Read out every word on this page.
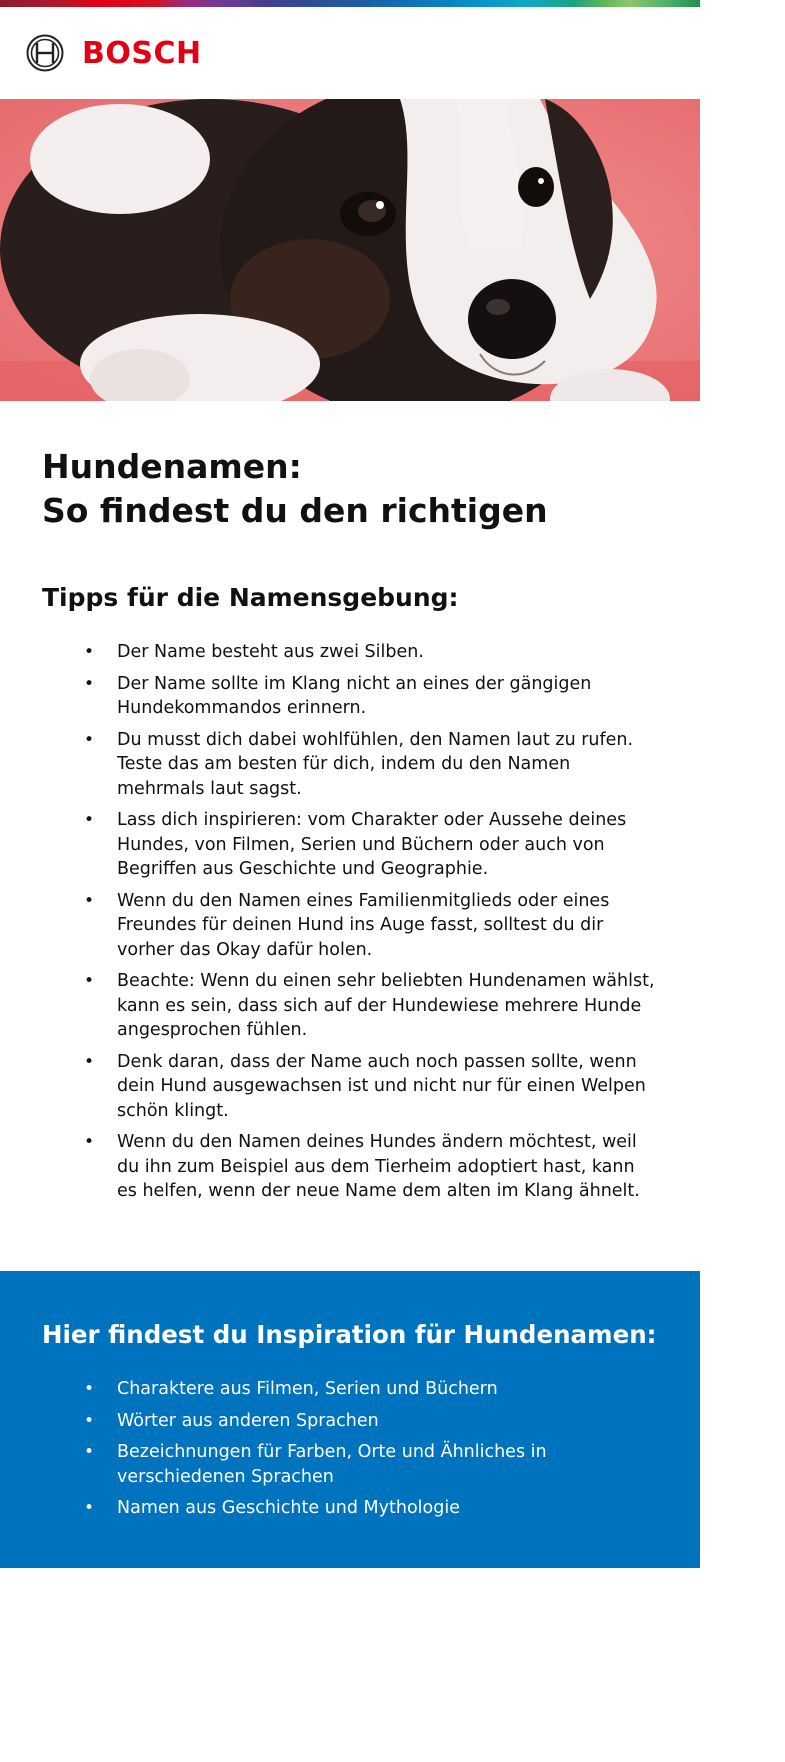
BOSCH
Hundenamen:
So findest du den richtigen
Tipps für die Namensgebung:
• Der Name besteht aus zwei Silben.
• Der Name sollte im Klang nicht an eines der gängigen Hundekommandos erinnern.
• Du musst dich dabei wohlfühlen, den Namen laut zu rufen. Teste das am besten für dich, indem du den Namen mehrmals laut sagst.
• Lass dich inspirieren: vom Charakter oder Aussehe deines Hundes, von Filmen, Serien und Büchern oder auch von Begriffen aus Geschichte und Geographie.
• Wenn du den Namen eines Familienmitglieds oder eines Freundes für deinen Hund ins Auge fasst, solltest du dir vorher das Okay dafür holen.
• Beachte: Wenn du einen sehr beliebten Hundenamen wählst, kann es sein, dass sich auf der Hundewiese mehrere Hunde angesprochen fühlen.
• Denk daran, dass der Name auch noch passen sollte, wenn dein Hund ausgewachsen ist und nicht nur für einen Welpen schön klingt.
• Wenn du den Namen deines Hundes ändern möchtest, weil du ihn zum Beispiel aus dem Tierheim adoptiert hast, kann es helfen, wenn der neue Name dem alten im Klang ähnelt.
Hier findest du Inspiration für Hundenamen:
• Charaktere aus Filmen, Serien und Büchern
• Wörter aus anderen Sprachen
• Bezeichnungen für Farben, Orte und Ähnliches in verschiedenen Sprachen
• Namen aus Geschichte und Mythologie
